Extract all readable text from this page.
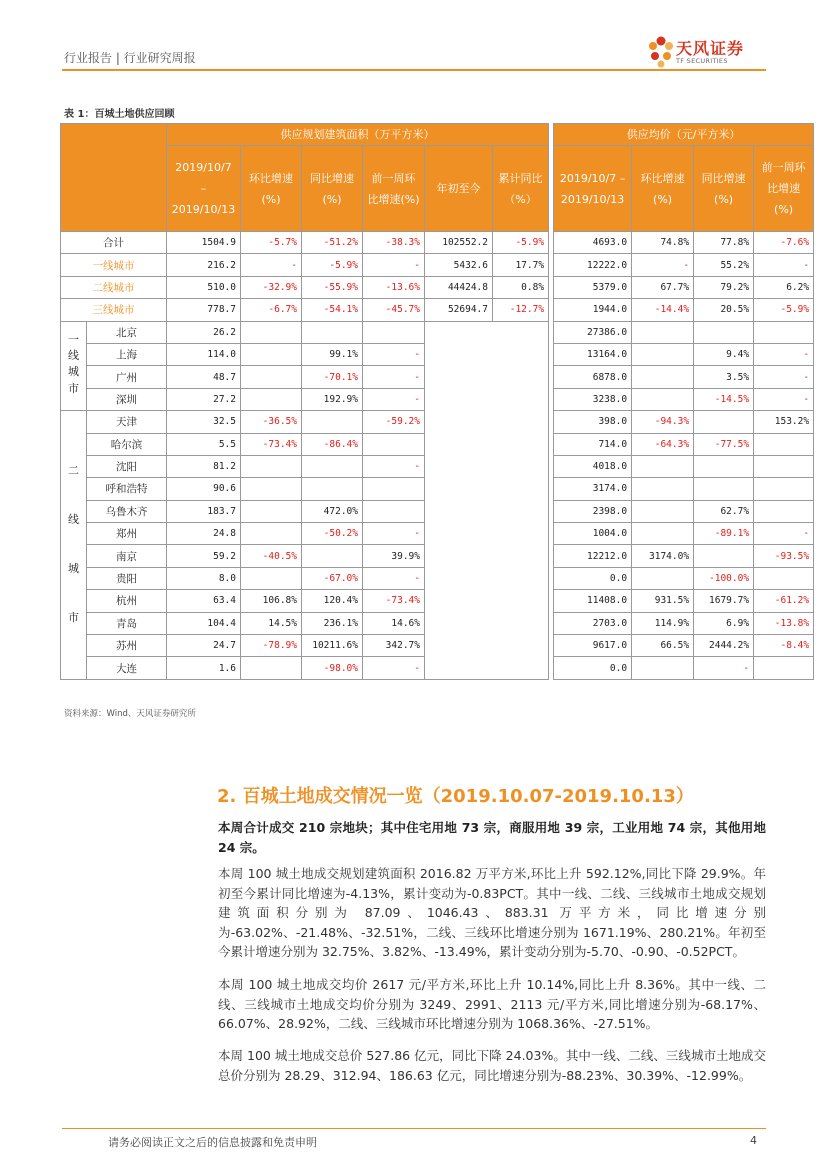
行业报告 | 行业研究周报	天风证券
TF SECURITIES
表 1：百城土地供应回顾
		供应规划建筑面积（万平方米）							供应均价（元/平方米）			
		2019/10/7 – 2019/10/13	环比增速(%)	同比增速(%)	前一周环比增速(%)	年初至今	累计同比（%）		2019/10/7 – 2019/10/13	环比增速(%)	同比增速(%)	前一周环比增速(%)
合计		1504.9	-5.7%	-51.2%	-38.3%	102552.2	-5.9%		4693.0	74.8%	77.8%	-7.6%
一线城市		216.2	-	-5.9%	-	5432.6	17.7%		12222.0	-	55.2%	-
二线城市		510.0	-32.9%	-55.9%	-13.6%	44424.8	0.8%		5379.0	67.7%	79.2%	6.2%
三线城市		778.7	-6.7%	-54.1%	-45.7%	52694.7	-12.7%		1944.0	-14.4%	20.5%	-5.9%
一线城市	北京	26.2							27386.0			
	上海	114.0		99.1%	-				13164.0		9.4%	-
	广州	48.7		-70.1%	-				6878.0		3.5%	-
	深圳	27.2		192.9%	-				3238.0		-14.5%	-
二线城市	天津	32.5	-36.5%		-59.2%				398.0	-94.3%		153.2%
	哈尔滨	5.5	-73.4%	-86.4%					714.0	-64.3%	-77.5%	
	沈阳	81.2			-				4018.0			
	呼和浩特	90.6							3174.0			
	乌鲁木齐	183.7		472.0%					2398.0		62.7%	
	郑州	24.8		-50.2%	-				1004.0		-89.1%	-
	南京	59.2	-40.5%		39.9%				12212.0	3174.0%		-93.5%
	贵阳	8.0		-67.0%	-				0.0		-100.0%	
	杭州	63.4	106.8%	120.4%	-73.4%				11408.0	931.5%	1679.7%	-61.2%
	青岛	104.4	14.5%	236.1%	14.6%				2703.0	114.9%	6.9%	-13.8%
	苏州	24.7	-78.9%	10211.6%	342.7%				9617.0	66.5%	2444.2%	-8.4%
	大连	1.6		-98.0%	-				0.0		-	
资料来源：Wind、天风证券研究所
2. 百城土地成交情况一览（2019.10.07-2019.10.13）

本周合计成交 210 宗地块；其中住宅用地 73 宗，商服用地 39 宗，工业用地 74 宗，其他用地 24 宗。

本周 100 城土地成交规划建筑面积 2016.82 万平方米,环比上升 592.12%,同比下降 29.9%。年初至今累计同比增速为-4.13%，累计变动为-0.83PCT。其中一线、二线、三线城市土地成交规划建筑面积分别为 87.09、1046.43、883.31 万平方米，同比增速分别为-63.02%、-21.48%、-32.51%，二线、三线环比增速分别为 1671.19%、280.21%。年初至今累计增速分别为 32.75%、3.82%、-13.49%，累计变动分别为-5.70、-0.90、-0.52PCT。

本周 100 城土地成交均价 2617 元/平方米,环比上升 10.14%,同比上升 8.36%。其中一线、二线、三线城市土地成交均价分别为 3249、2991、2113 元/平方米,同比增速分别为-68.17%、66.07%、28.92%，二线、三线城市环比增速分别为 1068.36%、-27.51%。

本周 100 城土地成交总价 527.86 亿元，同比下降 24.03%。其中一线、二线、三线城市土地成交总价分别为 28.29、312.94、186.63 亿元，同比增速分别为-88.23%、30.39%、-12.99%。

请务必阅读正文之后的信息披露和免责申明	4
